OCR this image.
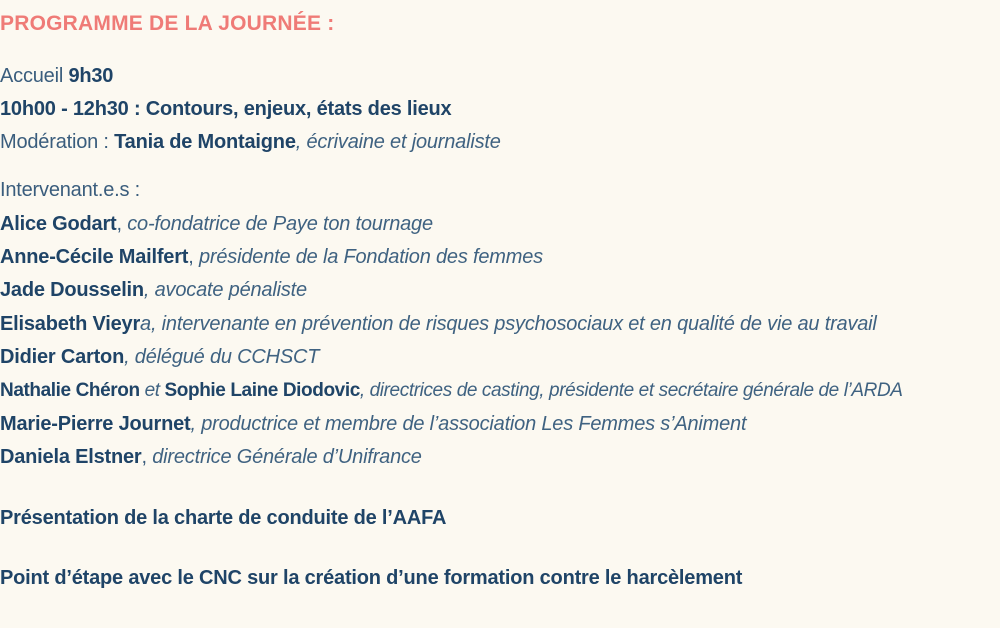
PROGRAMME DE LA JOURNÉE :

Accueil 9h30

10h00 - 12h30 : Contours, enjeux, états des lieux

Modération : Tania de Montaigne, écrivaine et journaliste

Intervenant.e.s :

Alice Godart, co-fondatrice de Paye ton tournage

Anne-Cécile Mailfert, présidente de la Fondation des femmes

Jade Dousselin, avocate pénaliste

Elisabeth Vieyra, intervenante en prévention de risques psychosociaux et en qualité de vie au travail

Didier Carton, délégué du CCHSCT

Nathalie Chéron et Sophie Laine Diodovic, directrices de casting, présidente et secrétaire générale de l’ARDA

Marie-Pierre Journet, productrice et membre de l’association Les Femmes s’Animent

Daniela Elstner, directrice Générale d’Unifrance

Présentation de la charte de conduite de l’AAFA

Point d’étape avec le CNC sur la création d’une formation contre le harcèlement
